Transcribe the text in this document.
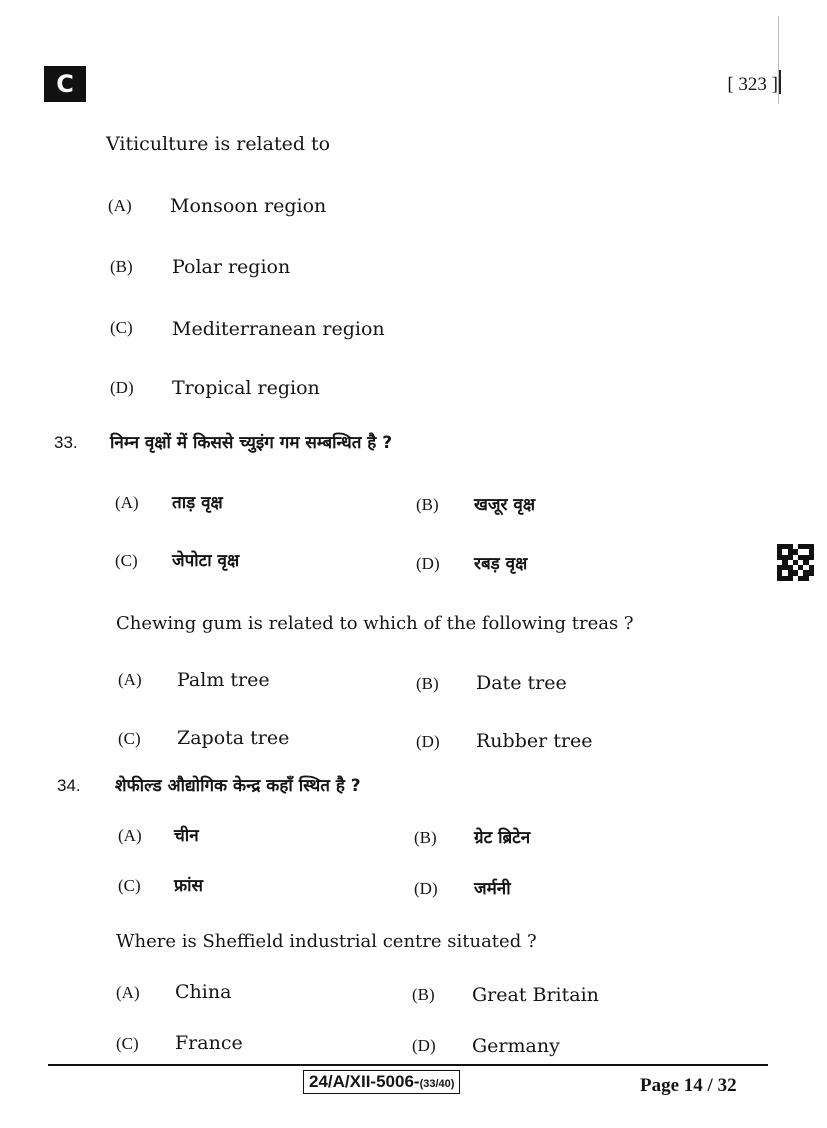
C	[ 323 ]
Viticulture is related to
(A) Monsoon region
(B) Polar region
(C) Mediterranean region
(D) Tropical region
33. निम्न वृक्षों में किससे च्युइंग गम सम्बन्धित है ?
(A) ताड़ वृक्ष	(B) खजूर वृक्ष
(C) जेपोटा वृक्ष	(D) रबड़ वृक्ष
Chewing gum is related to which of the following treas ?
(A) Palm tree	(B) Date tree
(C) Zapota tree	(D) Rubber tree
34. शेफील्ड औद्योगिक केन्द्र कहाँ स्थित है ?
(A) चीन	(B) ग्रेट ब्रिटेन
(C) फ्रांस	(D) जर्मनी
Where is Sheffield industrial centre situated ?
(A) China	(B) Great Britain
(C) France	(D) Germany
24/A/XII-5006-(33/40)	Page 14 / 32
